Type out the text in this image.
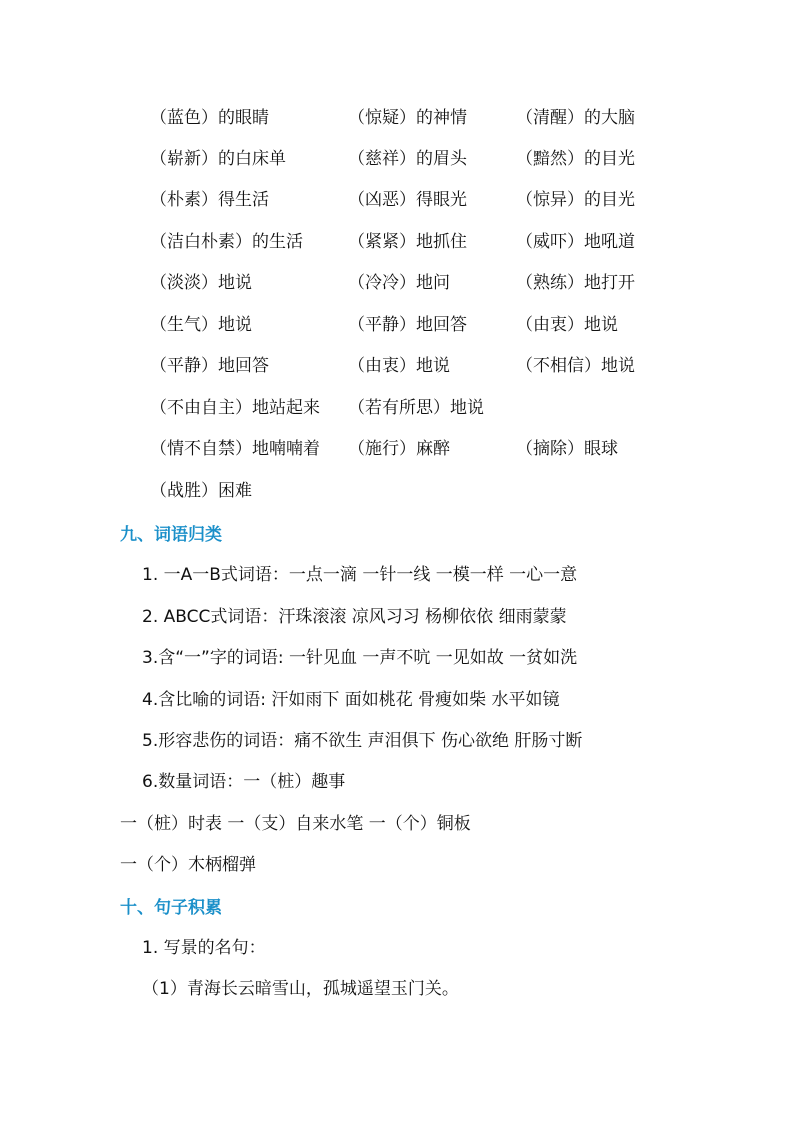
（蓝色）的眼睛	（惊疑）的神情	（清醒）的大脑
（崭新）的白床单	（慈祥）的眉头	（黯然）的目光
（朴素）得生活	（凶恶）得眼光	（惊异）的目光
（洁白朴素）的生活	（紧紧）地抓住	（威吓）地吼道
（淡淡）地说	（冷冷）地问	（熟练）地打开
（生气）地说	（平静）地回答	（由衷）地说
（平静）地回答	（由衷）地说	（不相信）地说
（不由自主）地站起来 （若有所思）地说
（情不自禁）地喃喃着 （施行）麻醉	（摘除）眼球
（战胜）困难
九、词语归类
1. 一A一B式词语：一点一滴 一针一线 一模一样 一心一意
2. ABCC式词语：汗珠滚滚 凉风习习 杨柳依依 细雨蒙蒙
3.含“一”字的词语: 一针见血 一声不吭 一见如故 一贫如洗
4.含比喻的词语: 汗如雨下 面如桃花 骨瘦如柴 水平如镜
5.形容悲伤的词语：痛不欲生 声泪俱下 伤心欲绝 肝肠寸断
6.数量词语：一（桩）趣事
一（桩）时表 一（支）自来水笔 一（个）铜板
一（个）木柄榴弹
十、句子积累
1. 写景的名句：
（1）青海长云暗雪山，孤城遥望玉门关。
